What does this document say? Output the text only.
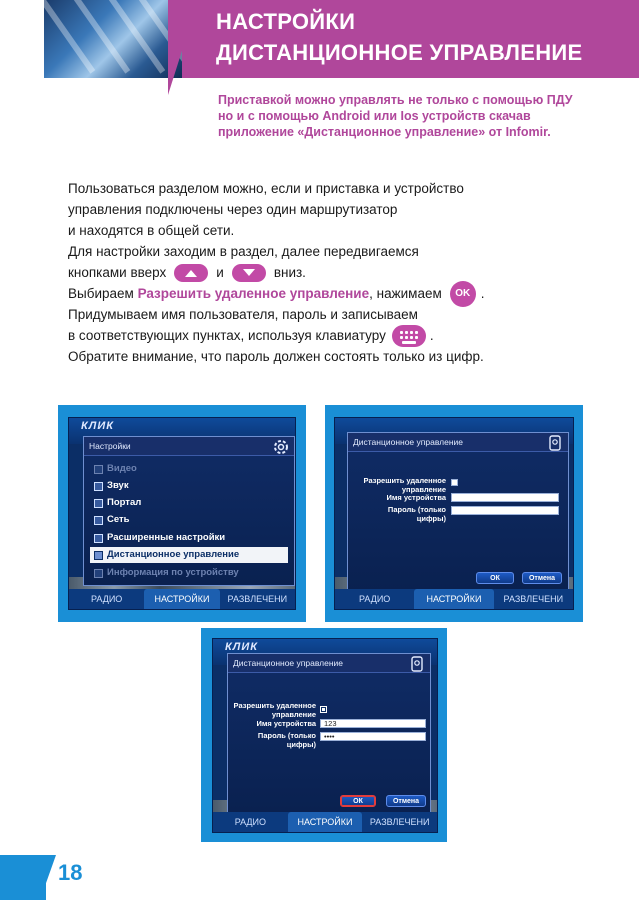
НАСТРОЙКИ
ДИСТАНЦИОННОЕ УПРАВЛЕНИЕ
Приставкой можно управлять не только с помощью ПДУ
но и с помощью Android или Ios устройств скачав
приложение «Дистанционное управление» от Infomir.
Пользоваться разделом можно, если и приставка и устройство
управления подключены через один маршрутизатор
и находятся в общей сети.
Для настройки заходим в раздел, далее передвигаемся
кнопками вверх	и	вниз.
Выбираем
Разрешить удаленное управление , нажимаем	OK .
Придумываем имя пользователя, пароль и записываем
в соответствующих пунктах, используя клавиатуру	.
Обратите внимание, что пароль должен состоять только из цифр.
КЛИК
Настройки
Видео
Звук
Портал
Сеть
Расширенные настройки
Дистанционное управление
Информация по устройству
РАДИО	НАСТРОЙКИ	РАЗВЛЕЧЕНИ
Дистанционное управление
Разрешить удаленное
управление
Имя устройства
Пароль (только
цифры)
ОК	Отмена
РАДИО	НАСТРОЙКИ	РАЗВЛЕЧЕНИ
КЛИК
Дистанционное управление
Разрешить удаленное
управление
Имя устройства	123
Пароль (только
цифры)
••••
ОК	Отмена
РАДИО	НАСТРОЙКИ	РАЗВЛЕЧЕНИ
18
